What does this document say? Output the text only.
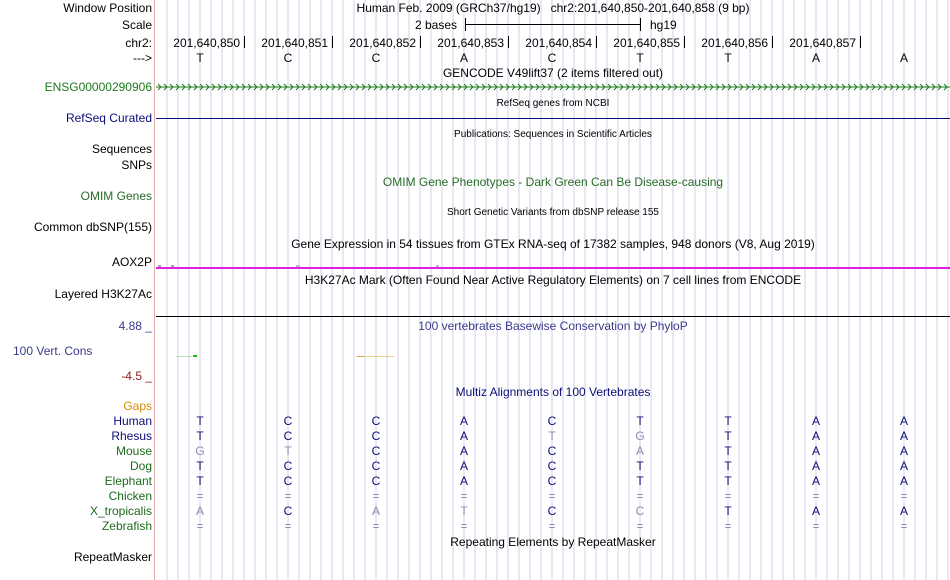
Window Position	Human Feb. 2009 (GRCh37/hg19)   chr2:201,640,850-201,640,858 (9 bp)
Scale	2 bases	hg19
chr2:	201,640,850	201,640,851	201,640,852	201,640,853	201,640,854	201,640,855	201,640,856	201,640,857
--->	T	C	C	A	C	T	T	A	A
GENCODE V49lift37 (2 items filtered out)
ENSG00000290906
RefSeq genes from NCBI
RefSeq Curated
Publications: Sequences in Scientific Articles
Sequences
SNPs
OMIM Gene Phenotypes - Dark Green Can Be Disease-causing
OMIM Genes
Short Genetic Variants from dbSNP release 155
Common dbSNP(155)
Gene Expression in 54 tissues from GTEx RNA-seq of 17382 samples, 948 donors (V8, Aug 2019)
AOX2P
H3K27Ac Mark (Often Found Near Active Regulatory Elements) on 7 cell lines from ENCODE
Layered H3K27Ac
100 vertebrates Basewise Conservation by PhyloP
4.88 _
100 Vert. Cons
-4.5 _
Multiz Alignments of 100 Vertebrates
Gaps
Human	T	C	C	A	C	T	T	A	A
Rhesus	T	C	C	A	T	G	T	A	A
Mouse	G	T	C	A	C	A	T	A	A
Dog	T	C	C	A	C	T	T	A	A
Elephant	T	C	C	A	C	T	T	A	A
Chicken	=	=	=	=	=	=	=	=	=
X_tropicalis	A	C	A	T	C	C	T	A	A
Zebrafish	=	=	=	=	=	=	=	=	=
Repeating Elements by RepeatMasker
RepeatMasker
